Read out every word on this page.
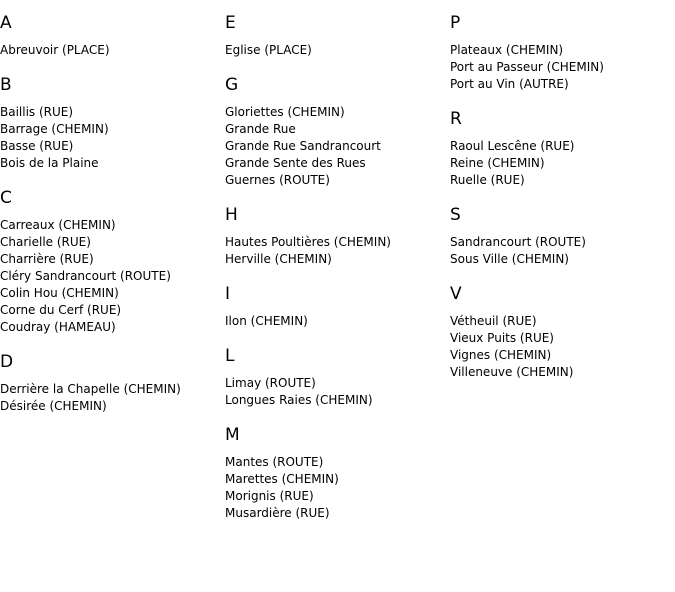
A
Abreuvoir (PLACE)
B
Baillis (RUE)
Barrage (CHEMIN)
Basse (RUE)
Bois de la Plaine
C
Carreaux (CHEMIN)
Charielle (RUE)
Charrière (RUE)
Cléry Sandrancourt (ROUTE)
Colin Hou (CHEMIN)
Corne du Cerf (RUE)
Coudray (HAMEAU)
D
Derrière la Chapelle (CHEMIN)
Désirée (CHEMIN)
E
Eglise (PLACE)
G
Gloriettes (CHEMIN)
Grande Rue
Grande Rue Sandrancourt
Grande Sente des Rues
Guernes (ROUTE)
H
Hautes Poultières (CHEMIN)
Herville (CHEMIN)
I
Ilon (CHEMIN)
L
Limay (ROUTE)
Longues Raies (CHEMIN)
M
Mantes (ROUTE)
Marettes (CHEMIN)
Morignis (RUE)
Musardière (RUE)
P
Plateaux (CHEMIN)
Port au Passeur (CHEMIN)
Port au Vin (AUTRE)
R
Raoul Lescêne (RUE)
Reine (CHEMIN)
Ruelle (RUE)
S
Sandrancourt (ROUTE)
Sous Ville (CHEMIN)
V
Vétheuil (RUE)
Vieux Puits (RUE)
Vignes (CHEMIN)
Villeneuve (CHEMIN)
